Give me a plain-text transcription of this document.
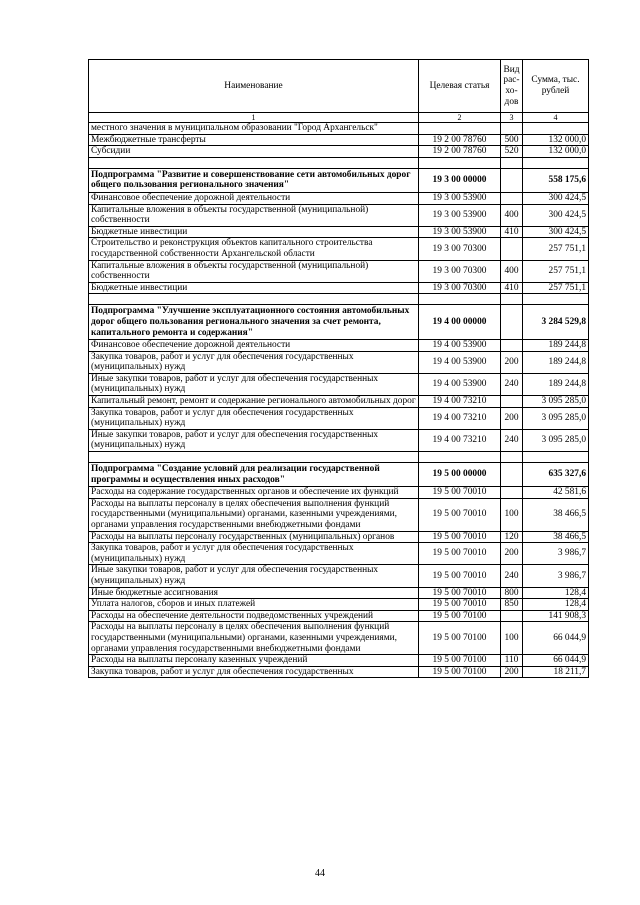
Наименование	Целевая статья	Вид рас-хо-дов	Сумма, тыс. рублей
1	2	3	4
местного значения в муниципальном образовании "Город Архангельск"			
Межбюджетные трансферты	19 2 00 78760	500	132 000,0
Субсидии	19 2 00 78760	520	132 000,0

Подпрограмма "Развитие и совершенствование сети автомобильных дорог общего пользования регионального значения"	19 3 00 00000		558 175,6
Финансовое обеспечение дорожной деятельности	19 3 00 53900		300 424,5
Капитальные вложения в объекты государственной (муниципальной) собственности	19 3 00 53900	400	300 424,5
Бюджетные инвестиции	19 3 00 53900	410	300 424,5
Строительство и реконструкция объектов капитального строительства государственной собственности Архангельской области	19 3 00 70300		257 751,1
Капитальные вложения в объекты государственной (муниципальной) собственности	19 3 00 70300	400	257 751,1
Бюджетные инвестиции	19 3 00 70300	410	257 751,1

Подпрограмма "Улучшение эксплуатационного состояния автомобильных дорог общего пользования регионального значения за счет ремонта, капитального ремонта и содержания"	19 4 00 00000		3 284 529,8
Финансовое обеспечение дорожной деятельности	19 4 00 53900		189 244,8
Закупка товаров, работ и услуг для обеспечения государственных (муниципальных) нужд	19 4 00 53900	200	189 244,8
Иные закупки товаров, работ и услуг для обеспечения государственных (муниципальных) нужд	19 4 00 53900	240	189 244,8
Капитальный ремонт, ремонт и содержание регионального автомобильных дорог	19 4 00 73210		3 095 285,0
Закупка товаров, работ и услуг для обеспечения государственных (муниципальных) нужд	19 4 00 73210	200	3 095 285,0
Иные закупки товаров, работ и услуг для обеспечения государственных (муниципальных) нужд	19 4 00 73210	240	3 095 285,0

Подпрограмма "Создание условий для реализации государственной программы и осуществления иных расходов"	19 5 00 00000		635 327,6
Расходы на содержание государственных органов и обеспечение их функций	19 5 00 70010		42 581,6
Расходы на выплаты персоналу в целях обеспечения выполнения функций государственными (муниципальными) органами, казенными учреждениями, органами управления государственными внебюджетными фондами	19 5 00 70010	100	38 466,5
Расходы на выплаты персоналу государственных (муниципальных) органов	19 5 00 70010	120	38 466,5
Закупка товаров, работ и услуг для обеспечения государственных (муниципальных) нужд	19 5 00 70010	200	3 986,7
Иные закупки товаров, работ и услуг для обеспечения государственных (муниципальных) нужд	19 5 00 70010	240	3 986,7
Иные бюджетные ассигнования	19 5 00 70010	800	128,4
Уплата налогов, сборов и иных платежей	19 5 00 70010	850	128,4
Расходы на обеспечение деятельности подведомственных учреждений	19 5 00 70100		141 908,3
Расходы на выплаты персоналу в целях обеспечения выполнения функций государственными (муниципальными) органами, казенными учреждениями, органами управления государственными внебюджетными фондами	19 5 00 70100	100	66 044,9
Расходы на выплаты персоналу казенных учреждений	19 5 00 70100	110	66 044,9
Закупка товаров, работ и услуг для обеспечения государственных	19 5 00 70100	200	18 211,7
44
